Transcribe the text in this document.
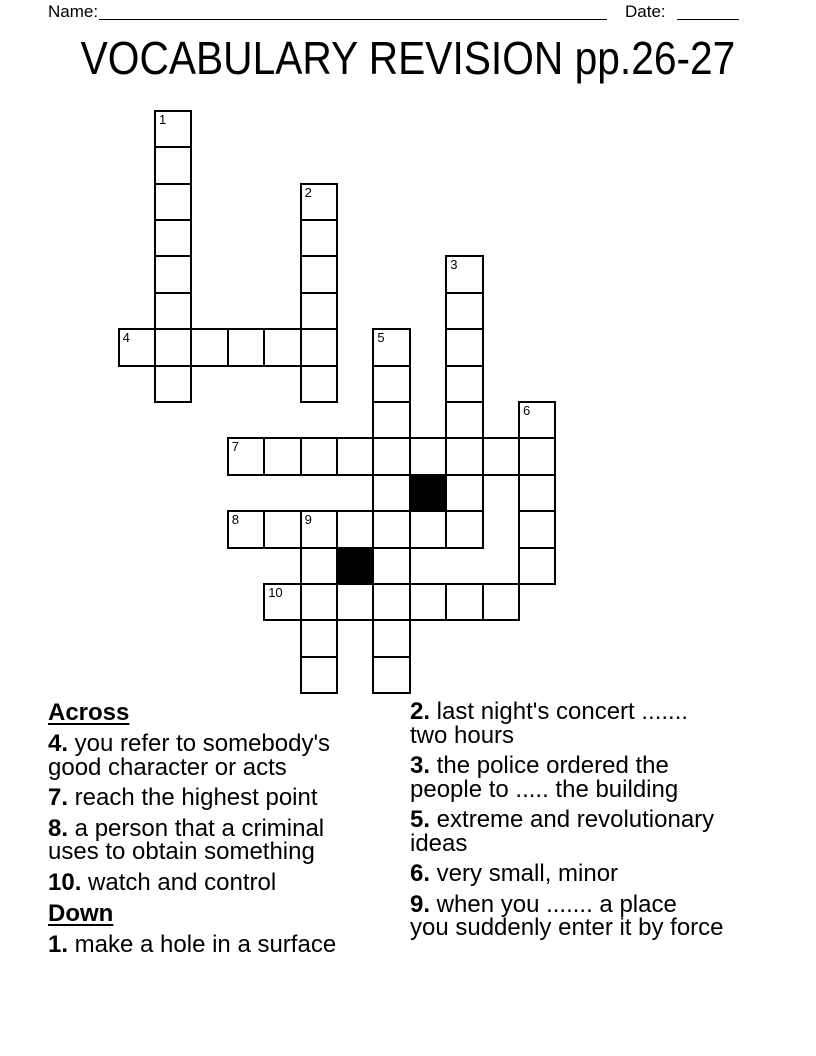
Name:	Date:
VOCABULARY REVISION pp.26-27
1
2
3
4	5
6
7
8	9
10
Across
4. you refer to somebody's
good character or acts
7. reach the highest point
8. a person that a criminal
uses to obtain something
10. watch and control
Down
1. make a hole in a surface
2. last night's concert .......
two hours
3. the police ordered the
people to ..... the building
5. extreme and revolutionary
ideas
6. very small, minor
9. when you ....... a place
you suddenly enter it by force
